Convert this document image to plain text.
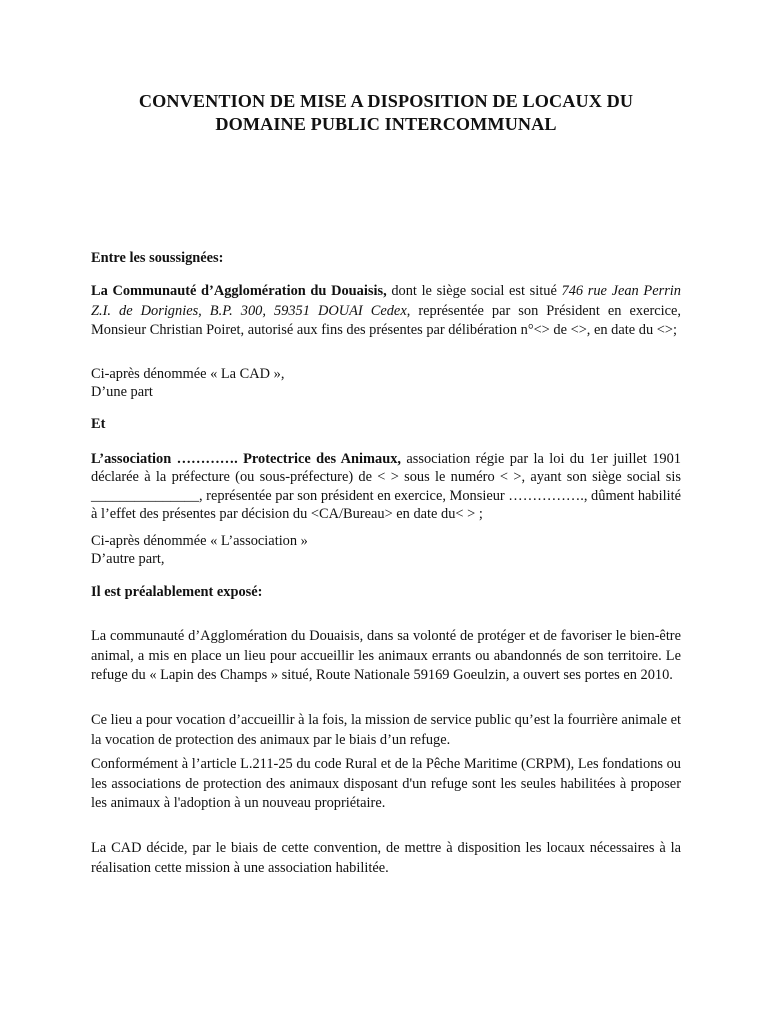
CONVENTION DE MISE A DISPOSITION DE LOCAUX DU
DOMAINE PUBLIC INTERCOMMUNAL
Entre les soussignées:
La Communauté d’Agglomération du Douaisis, dont le siège social est situé 746 rue Jean Perrin Z.I. de Dorignies, B.P. 300, 59351 DOUAI Cedex, représentée par son Président en exercice, Monsieur Christian Poiret, autorisé aux fins des présentes par délibération n°<> de <>, en date du <>;
Ci-après dénommée « La CAD »,
D’une part
Et
L’association …………. Protectrice des Animaux, association régie par la loi du 1er juillet 1901 déclarée à la préfecture (ou sous-préfecture) de < > sous le numéro < >, ayant son siège social sis _______________, représentée par son président en exercice, Monsieur ……………., dûment habilité à l’effet des présentes par décision du <CA/Bureau> en date du< > ;
Ci-après dénommée « L’association »
D’autre part,
Il est préalablement exposé:
La communauté d’Agglomération du Douaisis, dans sa volonté de protéger et de favoriser le bien-être animal, a mis en place un lieu pour accueillir les animaux errants ou abandonnés de son territoire. Le refuge du « Lapin des Champs » situé, Route Nationale 59169 Goeulzin, a ouvert ses portes en 2010.
Ce lieu a pour vocation d’accueillir à la fois, la mission de service public qu’est la fourrière animale et la vocation de protection des animaux par le biais d’un refuge.
Conformément à l’article L.211-25 du code Rural et de la Pêche Maritime (CRPM), Les fondations ou les associations de protection des animaux disposant d'un refuge sont les seules habilitées à proposer les animaux à l'adoption à un nouveau propriétaire.
La CAD décide, par le biais de cette convention, de mettre à disposition les locaux nécessaires à la réalisation cette mission à une association habilitée.
